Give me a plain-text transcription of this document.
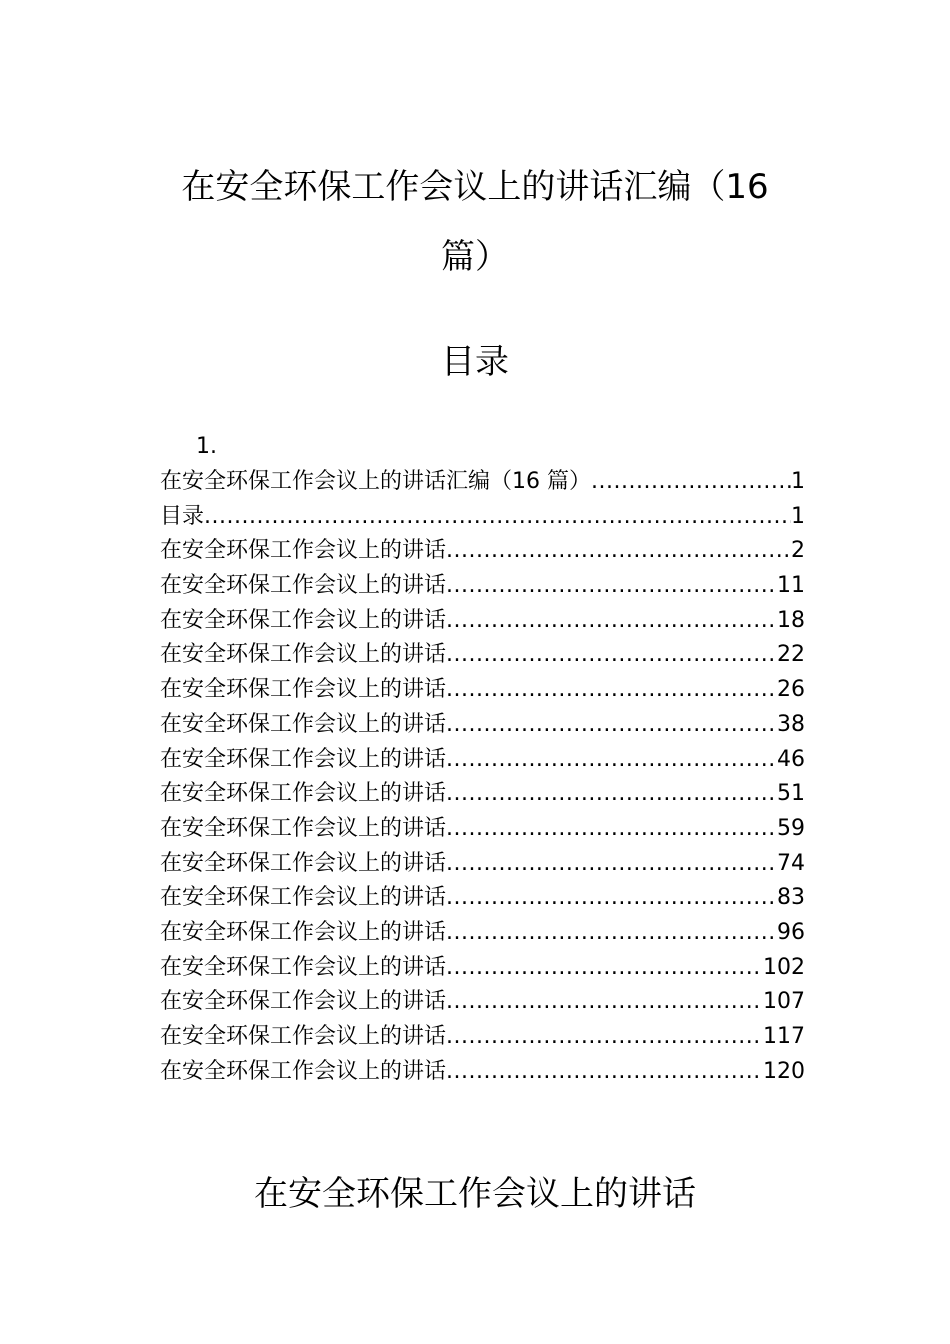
在安全环保工作会议上的讲话汇编（16
篇）
目录
1.
在安全环保工作会议上的讲话汇编（16 篇） .....	1
目录 .....	1
在安全环保工作会议上的讲话 .....	2
在安全环保工作会议上的讲话 .....	11
在安全环保工作会议上的讲话 .....	18
在安全环保工作会议上的讲话 .....	22
在安全环保工作会议上的讲话 .....	26
在安全环保工作会议上的讲话 .....	38
在安全环保工作会议上的讲话 .....	46
在安全环保工作会议上的讲话 .....	51
在安全环保工作会议上的讲话 .....	59
在安全环保工作会议上的讲话 .....	74
在安全环保工作会议上的讲话 .....	83
在安全环保工作会议上的讲话 .....	96
在安全环保工作会议上的讲话 .....	102
在安全环保工作会议上的讲话 .....	107
在安全环保工作会议上的讲话 .....	117
在安全环保工作会议上的讲话 .....	120
在安全环保工作会议上的讲话
